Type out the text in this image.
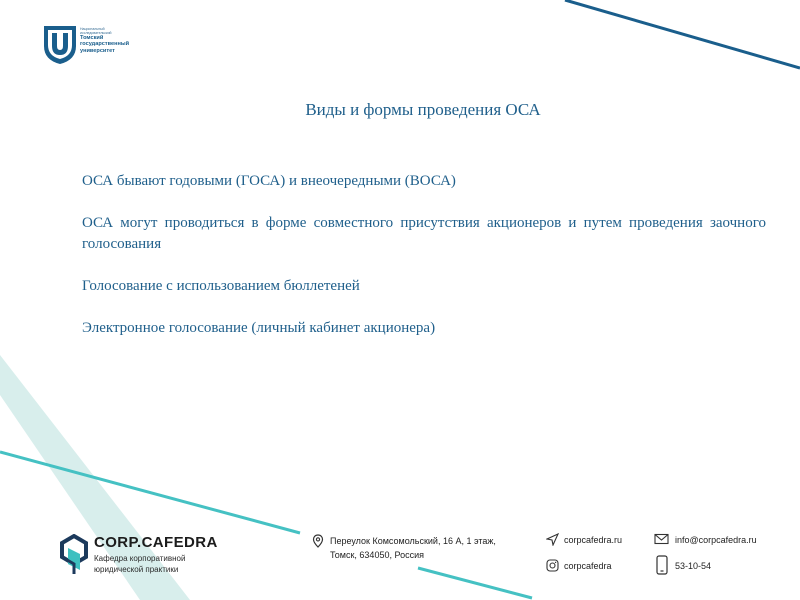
Национальный
исследовательский
Томский
государственный
университет
Виды и формы проведения ОСА

ОСА бывают годовыми (ГОСА) и внеочередными (ВОСА)

ОСА могут проводиться в форме совместного присутствия акционеров и путем проведения заочного голосования

Голосование с использованием бюллетеней

Электронное голосование (личный кабинет акционера)

CORP.CAFEDRA
Кафедра корпоративной
юридической практики
Переулок Комсомольский, 16 А, 1 этаж,
Томск, 634050, Россия
corpcafedra.ru
corpcafedra
info@corpcafedra.ru
53-10-54
